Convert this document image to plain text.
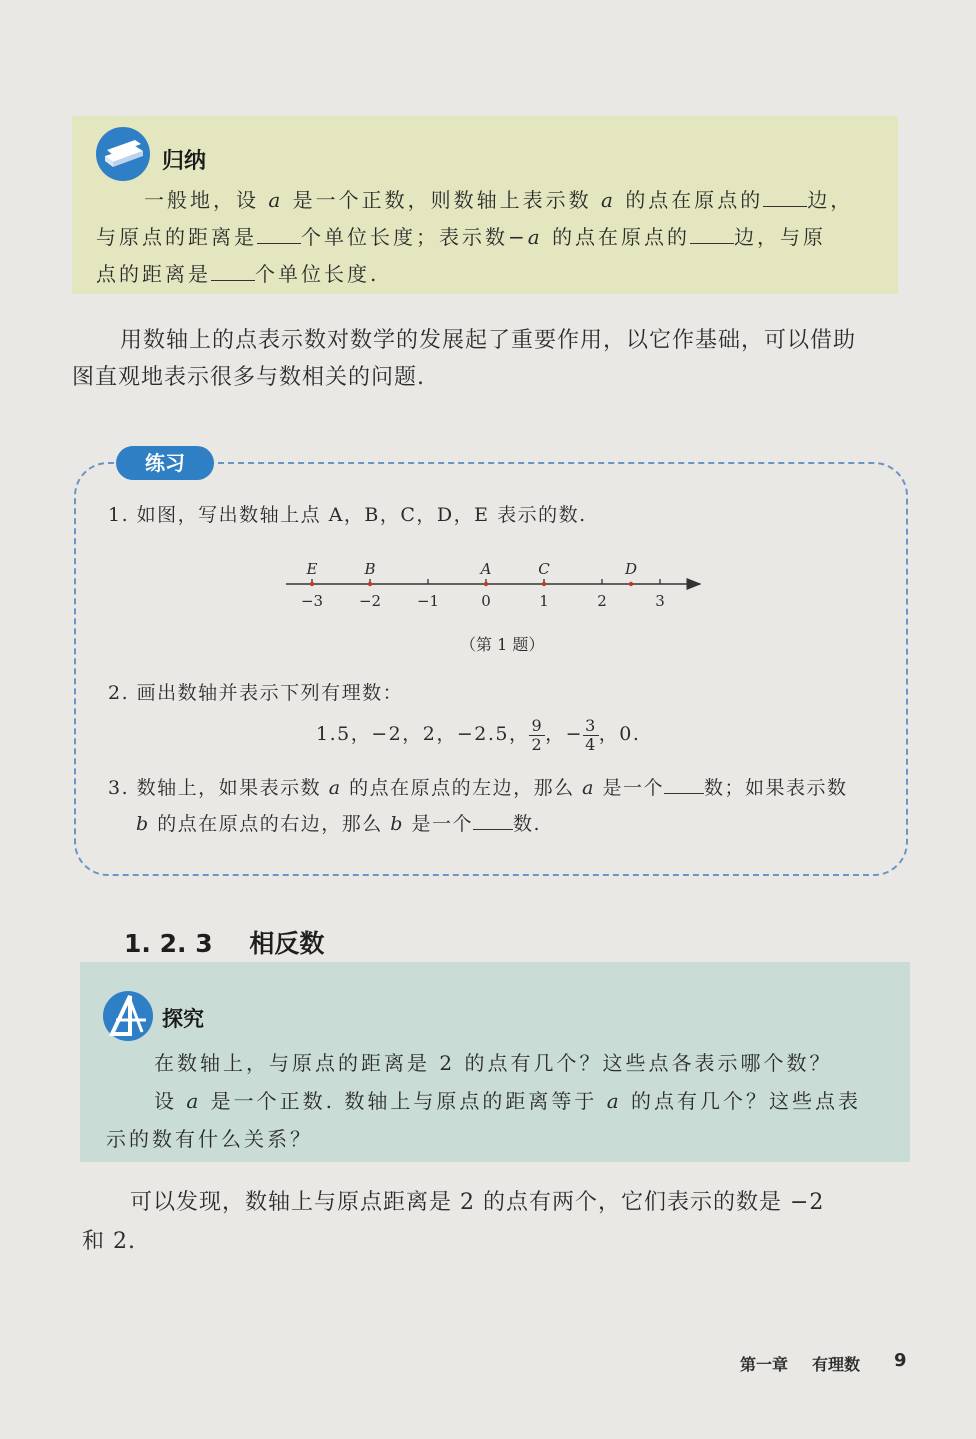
归纳
一般地，设 a 是一个正数，则数轴上表示数 a 的点在原点的 边，
与原点的距离是 个单位长度；表示数−a 的点在原点的 边，与原
点的距离是 个单位长度.
用数轴上的点表示数对数学的发展起了重要作用，以它作基础，可以借助
图直观地表示很多与数相关的问题.
练习
1. 如图，写出数轴上点 A，B，C，D，E 表示的数.
−3 −2 −1	0	1	2	3
E	B	A	C	D
（第 1 题）
2. 画出数轴并表示下列有理数：
1.5，−2，2，−2.5， $\frac{9}{2}$ ，− $\frac{3}{4}$ ，0.
3. 数轴上，如果表示数 a 的点在原点的左边，那么 a 是一个 数；如果表示数
b 的点在原点的右边，那么 b 是一个 数.
1. 2. 3 相反数
探究
在数轴上，与原点的距离是 2 的点有几个？这些点各表示哪个数？
设 a 是一个正数. 数轴上与原点的距离等于 a 的点有几个？这些点表
示的数有什么关系？
可以发现，数轴上与原点距离是 2 的点有两个，它们表示的数是 −2
和 2.
第一章 有理数 9
